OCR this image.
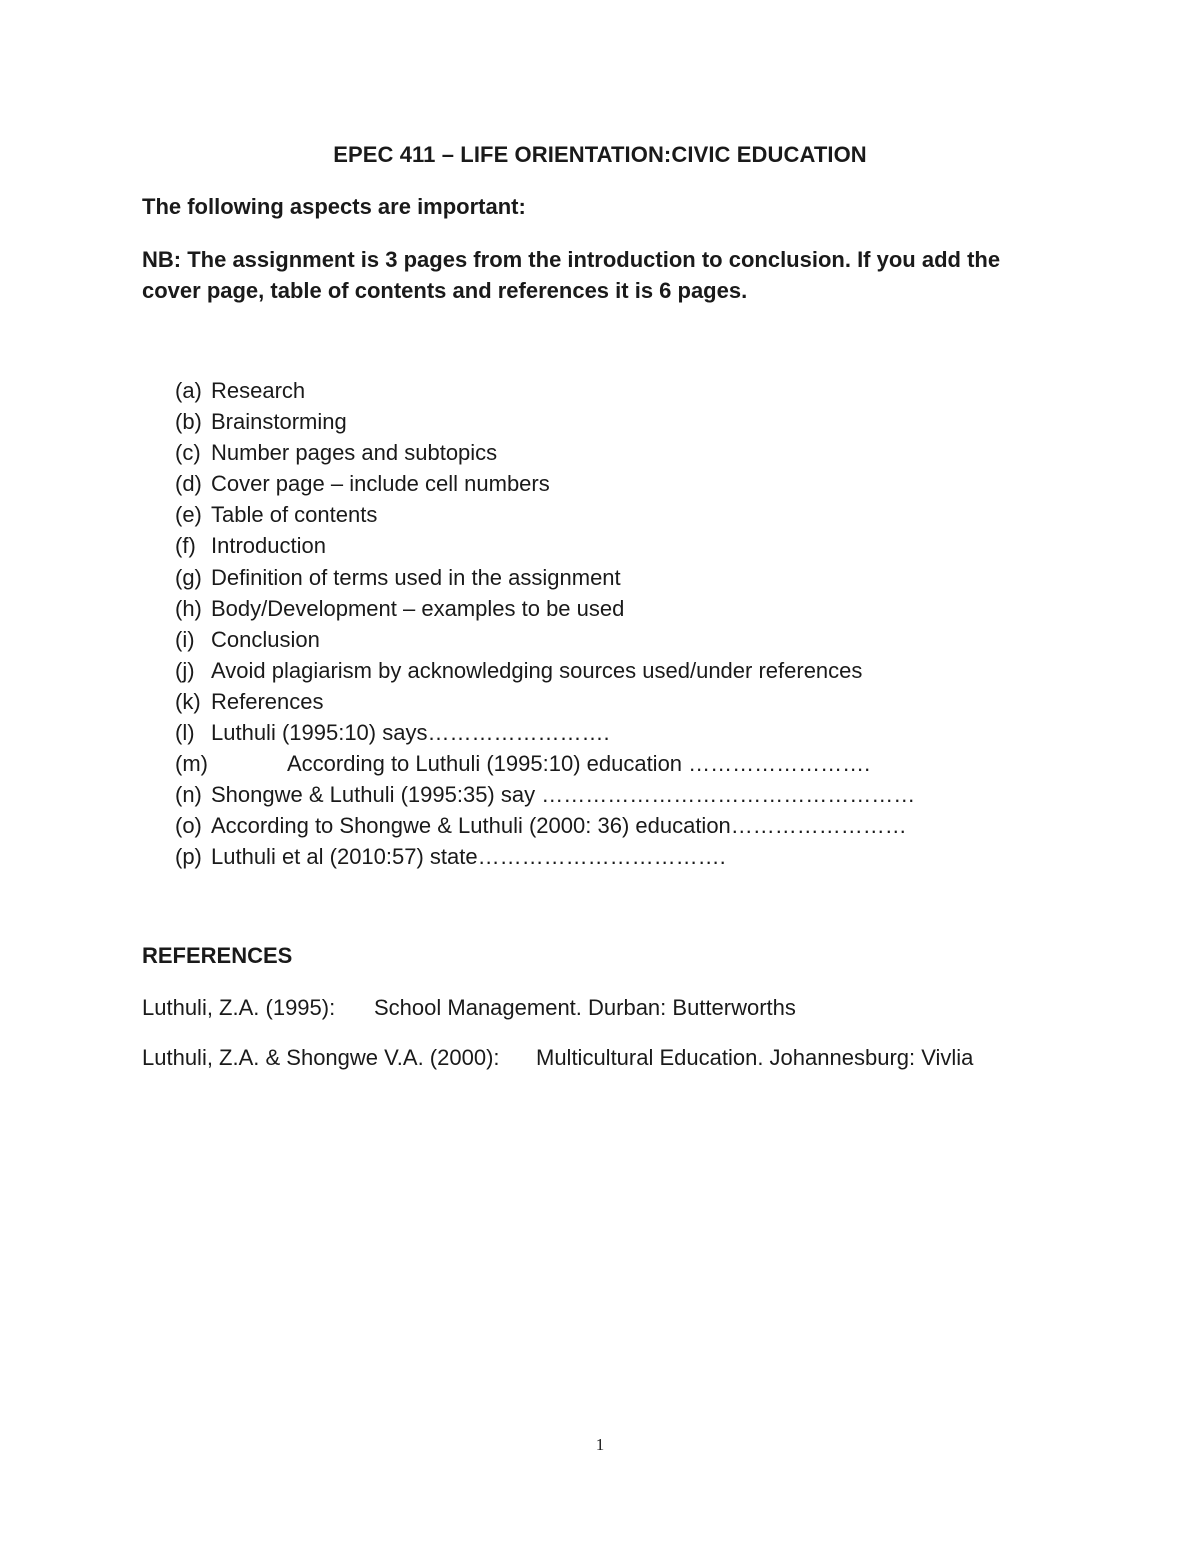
EPEC 411 – LIFE ORIENTATION:CIVIC EDUCATION
The following aspects are important:
NB: The assignment is 3 pages from the introduction to conclusion. If you add the cover page, table of contents and references it is 6 pages.
(a) Research
(b) Brainstorming
(c) Number pages and subtopics
(d) Cover page – include cell numbers
(e) Table of contents
(f) Introduction
(g) Definition of terms used in the assignment
(h) Body/Development – examples to be used
(i) Conclusion
(j) Avoid plagiarism by acknowledging sources used/under references
(k) References
(l) Luthuli (1995:10) says…………………….
(m)	According to Luthuli (1995:10) education …………………….
(n) Shongwe & Luthuli (1995:35) say ……………………………………………
(o) According to Shongwe & Luthuli (2000: 36) education……………………
(p) Luthuli et al (2010:57) state…………………………….
REFERENCES
Luthuli, Z.A. (1995): School Management. Durban: Butterworths
Luthuli, Z.A. & Shongwe V.A. (2000): Multicultural Education. Johannesburg: Vivlia
1
